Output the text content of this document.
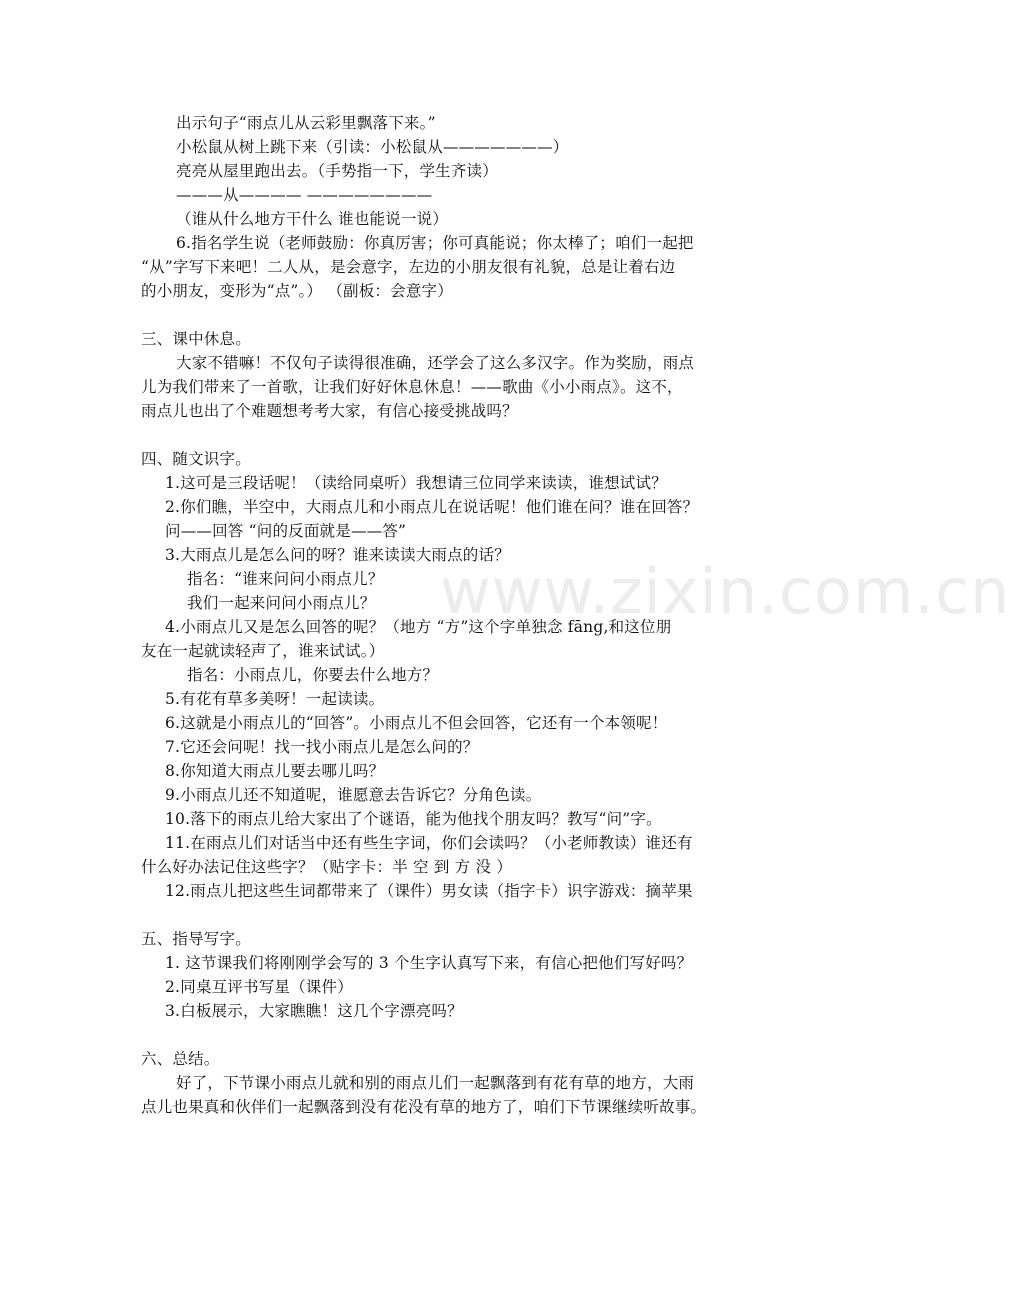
www.zixin.com.cn
出示句子“雨点儿从云彩里飘落下来。”
小松鼠从树上跳下来（引读：小松鼠从———————）
亮亮从屋里跑出去。（手势指一下，学生齐读）
———从———— ————————
（谁从什么地方干什么 谁也能说一说）
6.指名学生说（老师鼓励：你真厉害；你可真能说；你太棒了；咱们一起把
“从”字写下来吧！二人从，是会意字，左边的小朋友很有礼貌，总是让着右边
的小朋友，变形为“点”。） （副板：会意字）
三、课中休息。
大家不错嘛！不仅句子读得很准确，还学会了这么多汉字。作为奖励，雨点
儿为我们带来了一首歌，让我们好好休息休息！——歌曲《小小雨点》。这不，
雨点儿也出了个难题想考考大家，有信心接受挑战吗？
四、随文识字。
1.这可是三段话呢！（读给同桌听）我想请三位同学来读读，谁想试试？
2.你们瞧，半空中，大雨点儿和小雨点儿在说话呢！他们谁在问？谁在回答？
问——回答 “问的反面就是——答”
3.大雨点儿是怎么问的呀？谁来读读大雨点的话？
指名：“谁来问问小雨点儿？
我们一起来问问小雨点儿？
4.小雨点儿又是怎么回答的呢？（地方 “方”这个字单独念 fāng,和这位朋
友在一起就读轻声了，谁来试试。）
指名：小雨点儿，你要去什么地方？
5.有花有草多美呀！一起读读。
6.这就是小雨点儿的“回答”。小雨点儿不但会回答，它还有一个本领呢！
7.它还会问呢！找一找小雨点儿是怎么问的？
8.你知道大雨点儿要去哪儿吗？
9.小雨点儿还不知道呢，谁愿意去告诉它？分角色读。
10.落下的雨点儿给大家出了个谜语，能为他找个朋友吗？教写“问”字。
11.在雨点儿们对话当中还有些生字词，你们会读吗？（小老师教读）谁还有
什么好办法记住这些字？（贴字卡：半 空 到 方 没 ）
12.雨点儿把这些生词都带来了（课件）男女读（指字卡）识字游戏：摘苹果
五、指导写字。
1. 这节课我们将刚刚学会写的 3 个生字认真写下来，有信心把他们写好吗？
2.同桌互评书写星（课件）
3.白板展示，大家瞧瞧！这几个字漂亮吗？
六、总结。
好了，下节课小雨点儿就和别的雨点儿们一起飘落到有花有草的地方，大雨
点儿也果真和伙伴们一起飘落到没有花没有草的地方了，咱们下节课继续听故事。
